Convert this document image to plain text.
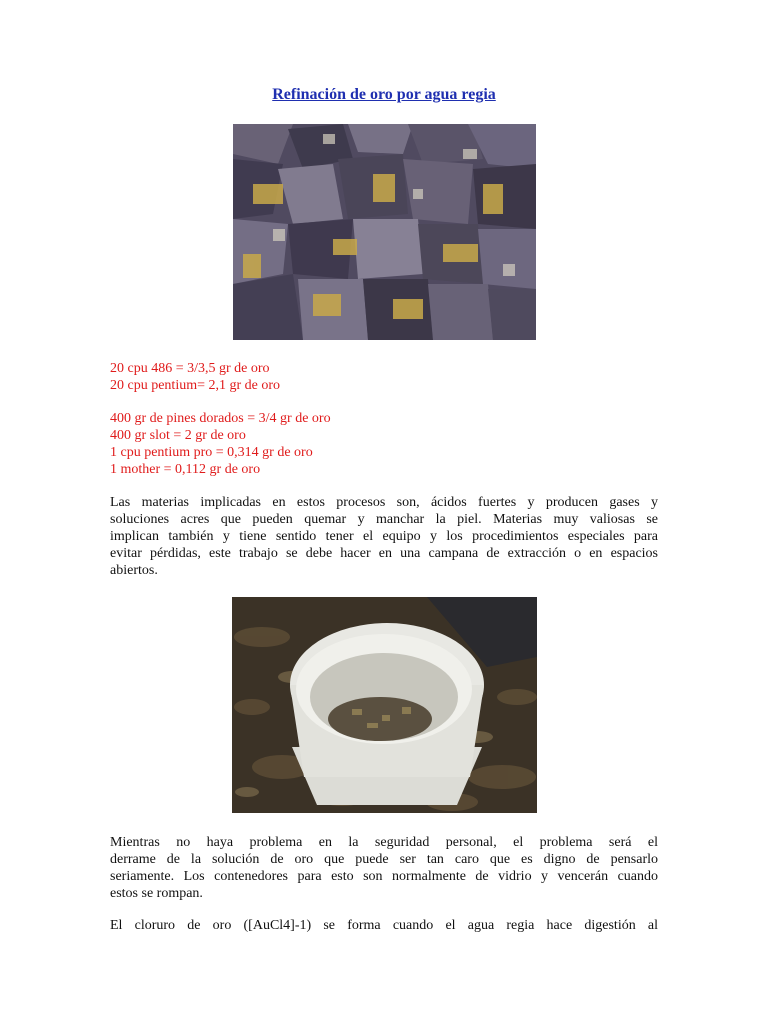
Refinación de oro por agua regia
20 cpu 486 = 3/3,5 gr de oro
20 cpu pentium= 2,1 gr de oro
400 gr de pines dorados = 3/4 gr de oro
400 gr slot = 2 gr de oro
1 cpu pentium pro = 0,314 gr de oro
1 mother = 0,112 gr de oro
Las materias implicadas en estos procesos son, ácidos fuertes y producen gases y
soluciones acres que pueden quemar y manchar la piel. Materias muy valiosas se
implican también y tiene sentido tener el equipo y los procedimientos especiales para
evitar pérdidas, este trabajo se debe hacer en una campana de extracción o en espacios
abiertos.
Mientras no haya problema en la seguridad personal, el problema será el
derrame de la solución de oro que puede ser tan caro que es digno de pensarlo
seriamente. Los contenedores para esto son normalmente de vidrio y vencerán cuando
estos se rompan.
El cloruro de oro ([AuCl4]-1) se forma cuando el agua regia hace digestión al
